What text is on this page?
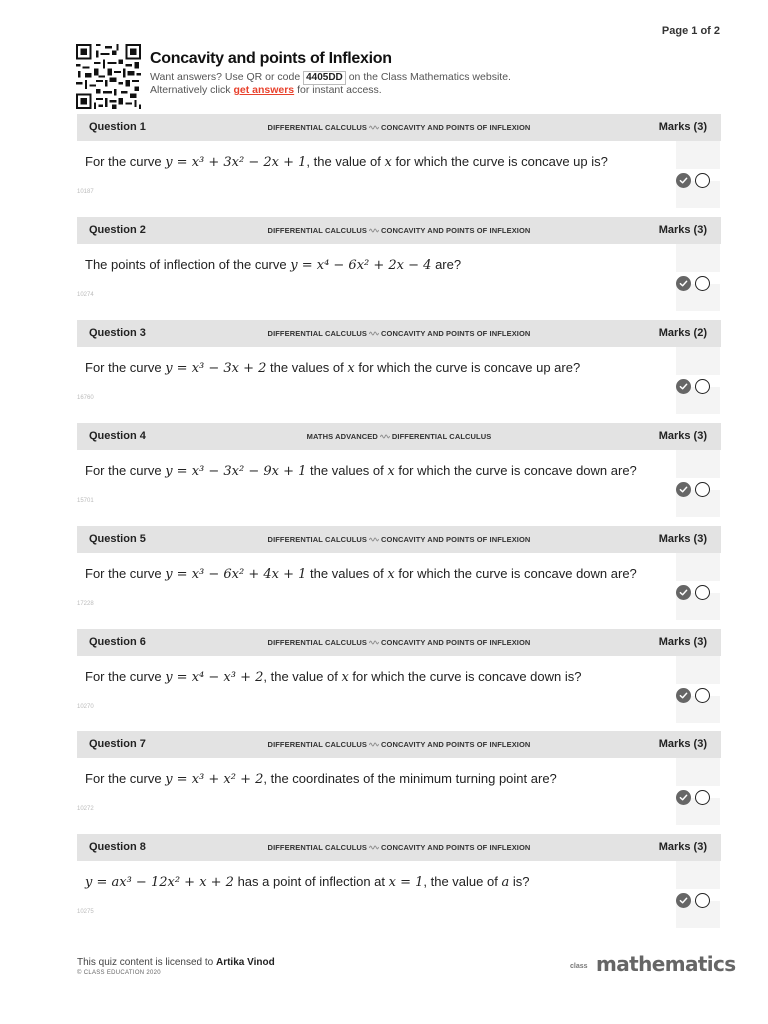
Page 1 of 2
Concavity and points of Inflexion
Want answers? Use QR or code 4405DD on the Class Mathematics website.
Alternatively click get answers for instant access.
Question 1	DIFFERENTIAL CALCULUS CONCAVITY AND POINTS OF INFLEXION	Marks (3)
For the curve y = x³ + 3x² − 2x + 1, the value of x for which the curve is concave up is?
10187
Question 2	DIFFERENTIAL CALCULUS CONCAVITY AND POINTS OF INFLEXION	Marks (3)
The points of inflection of the curve y = x⁴ − 6x² + 2x − 4 are?
10274
Question 3	DIFFERENTIAL CALCULUS CONCAVITY AND POINTS OF INFLEXION	Marks (2)
For the curve y = x³ − 3x + 2 the values of x for which the curve is concave up are?
16760
Question 4	MATHS ADVANCED DIFFERENTIAL CALCULUS	Marks (3)
For the curve y = x³ − 3x² − 9x + 1 the values of x for which the curve is concave down are?
15701
Question 5	DIFFERENTIAL CALCULUS CONCAVITY AND POINTS OF INFLEXION	Marks (3)
For the curve y = x³ − 6x² + 4x + 1 the values of x for which the curve is concave down are?
17228
Question 6	DIFFERENTIAL CALCULUS CONCAVITY AND POINTS OF INFLEXION	Marks (3)
For the curve y = x⁴ − x³ + 2, the value of x for which the curve is concave down is?
10270
Question 7	DIFFERENTIAL CALCULUS CONCAVITY AND POINTS OF INFLEXION	Marks (3)
For the curve y = x³ + x² + 2, the coordinates of the minimum turning point are?
10272
Question 8	DIFFERENTIAL CALCULUS CONCAVITY AND POINTS OF INFLEXION	Marks (3)
y = ax³ − 12x² + x + 2 has a point of inflection at x = 1, the value of a is?
10275
This quiz content is licensed to Artika Vinod
© CLASS EDUCATION 2020
class mathematics
